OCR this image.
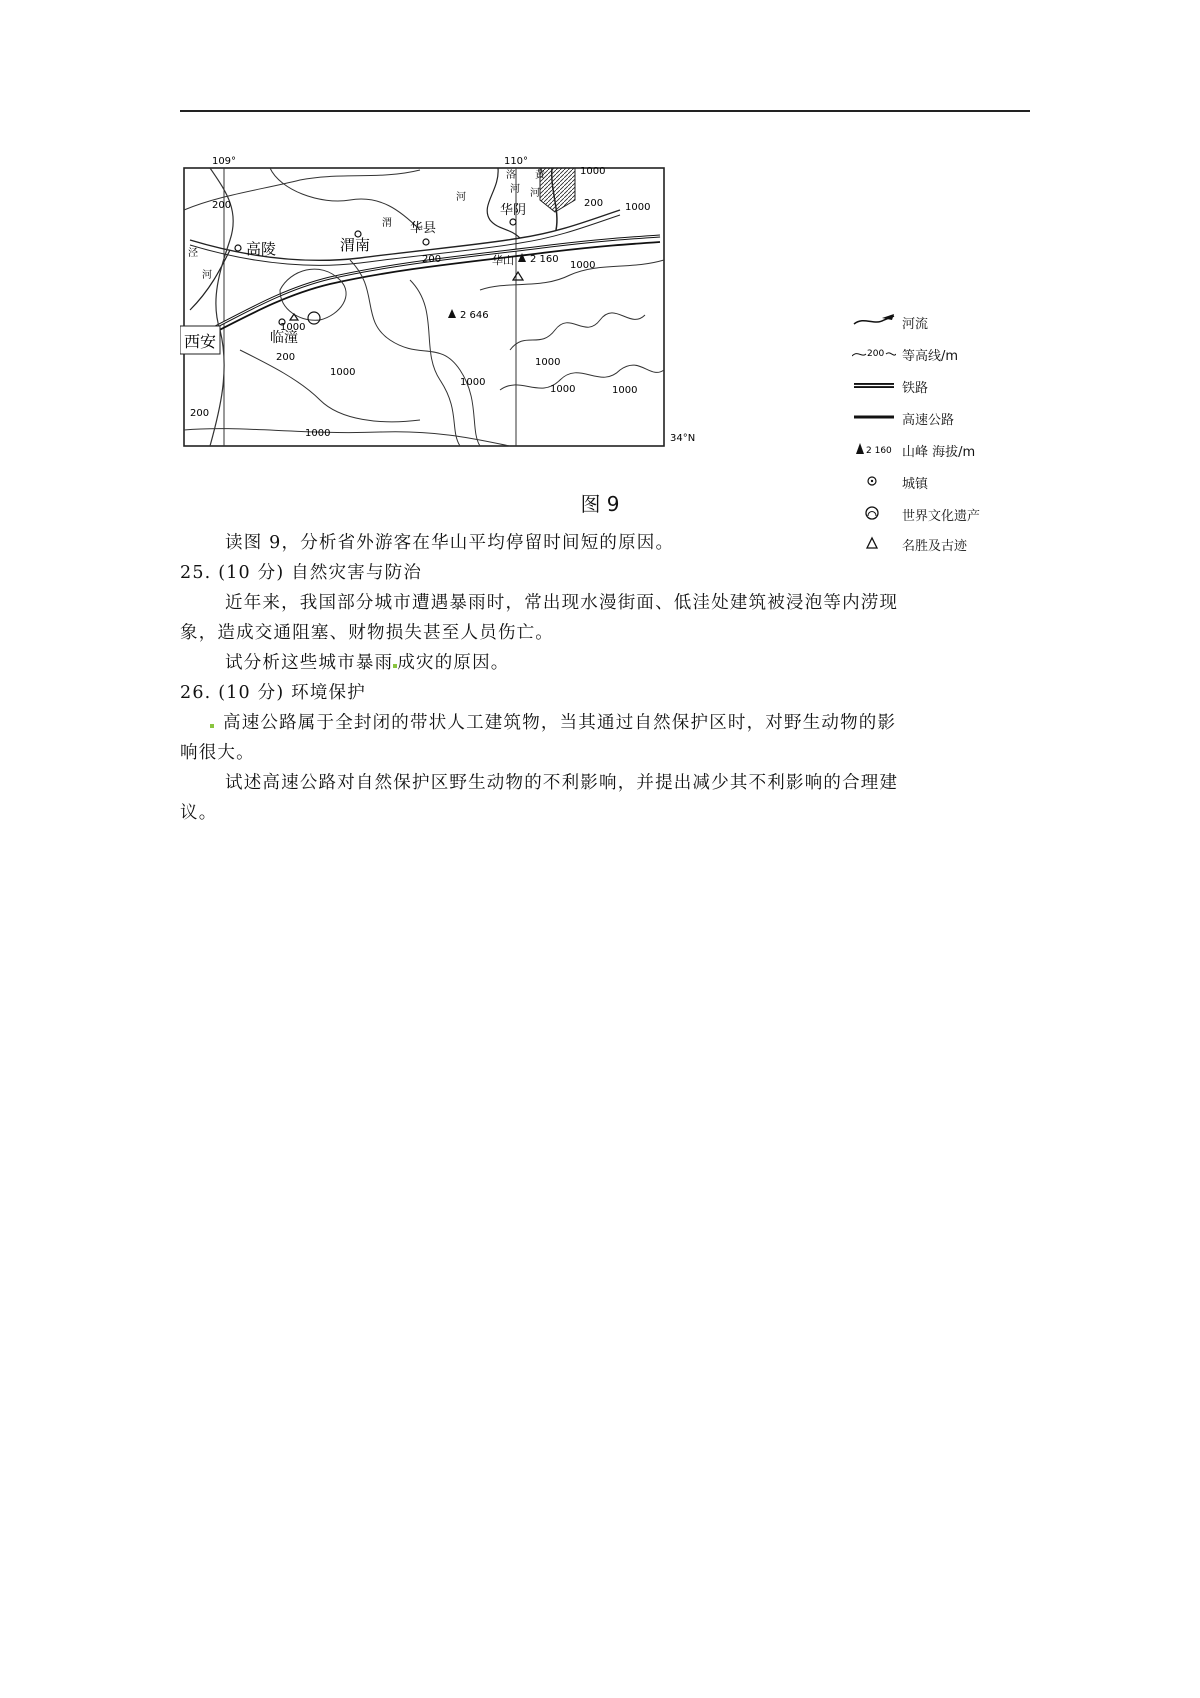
109°	110°
34°N
200
1000
200 1000
200
1000
1000
200
1000
1000
1000
1000	1000
200
1000
高陵	渭南
华县
华阴
临潼
西安
华山
泾
河
渭
河
洛
河
黄
河
2 160
2 646
河流
200 等高线/m
铁路
高速公路
2 160 山峰 海拔/m
城镇
世界文化遗产
名胜及古迹
图 9
读图 9，分析省外游客在华山平均停留时间短的原因。
25. (10 分) 自然灾害与防治
近年来，我国部分城市遭遇暴雨时，常出现水漫街面、低洼处建筑被浸泡等内涝现
象，造成交通阻塞、财物损失甚至人员伤亡。
试分析这些城市暴雨 成灾的原因。
26. (10 分) 环境保护
高速公路属于全封闭的带状人工建筑物，当其通过自然保护区时，对野生动物的影
响很大。
试述高速公路对自然保护区野生动物的不利影响，并提出减少其不利影响的合理建
议。
